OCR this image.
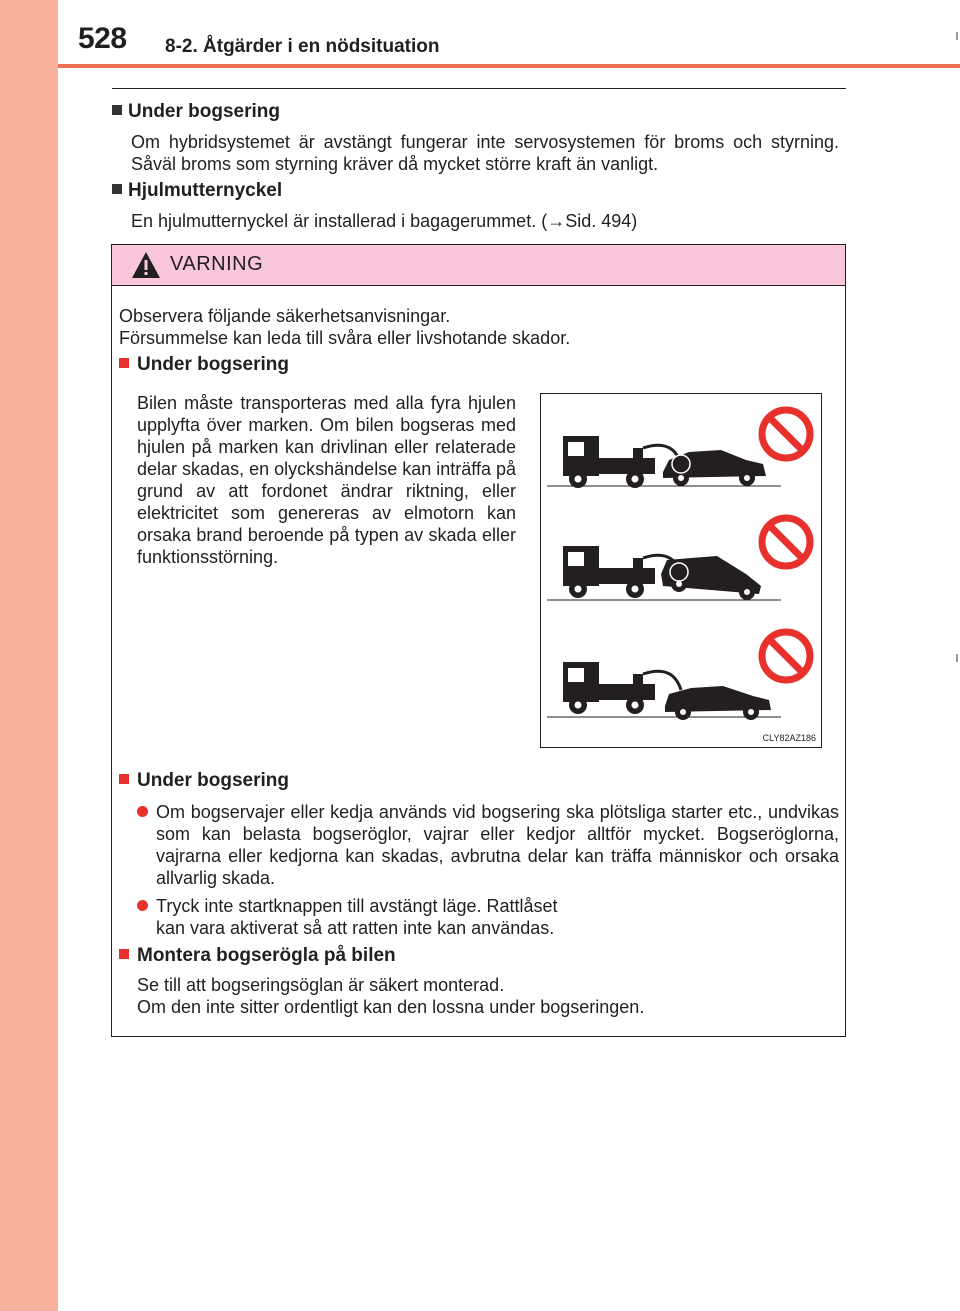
528 8-2. Åtgärder i en nödsituation
Under bogsering
Om hybridsystemet är avstängt fungerar inte servosystemen för broms och styrning. Såväl broms som styrning kräver då mycket större kraft än vanligt.
Hjulmutternyckel
En hjulmutternyckel är installerad i bagagerummet. (→Sid. 494)
VARNING
Observera följande säkerhetsanvisningar.
Försummelse kan leda till svåra eller livshotande skador.
Under bogsering
Bilen måste transporteras med alla fyra hjulen upplyfta över marken. Om bilen bogseras med hjulen på marken kan drivlinan eller relaterade delar skadas, en olyckshändelse kan inträffa på grund av att fordonet ändrar riktning, eller elektricitet som genereras av elmotorn kan orsaka brand beroende på typen av skada eller funktionsstörning.
Under bogsering
Om bogservajer eller kedja används vid bogsering ska plötsliga starter etc., undvikas som kan belasta bogseröglor, vajrar eller kedjor alltför mycket. Bogseröglorna, vajrarna eller kedjorna kan skadas, avbrutna delar kan träffa människor och orsaka allvarlig skada.
Tryck inte startknappen till avstängt läge. Rattlåset kan vara aktiverat så att ratten inte kan användas.
Montera bogserögla på bilen
Se till att bogseringsöglan är säkert monterad.
Om den inte sitter ordentligt kan den lossna under bogseringen.
CLY82AZ186
